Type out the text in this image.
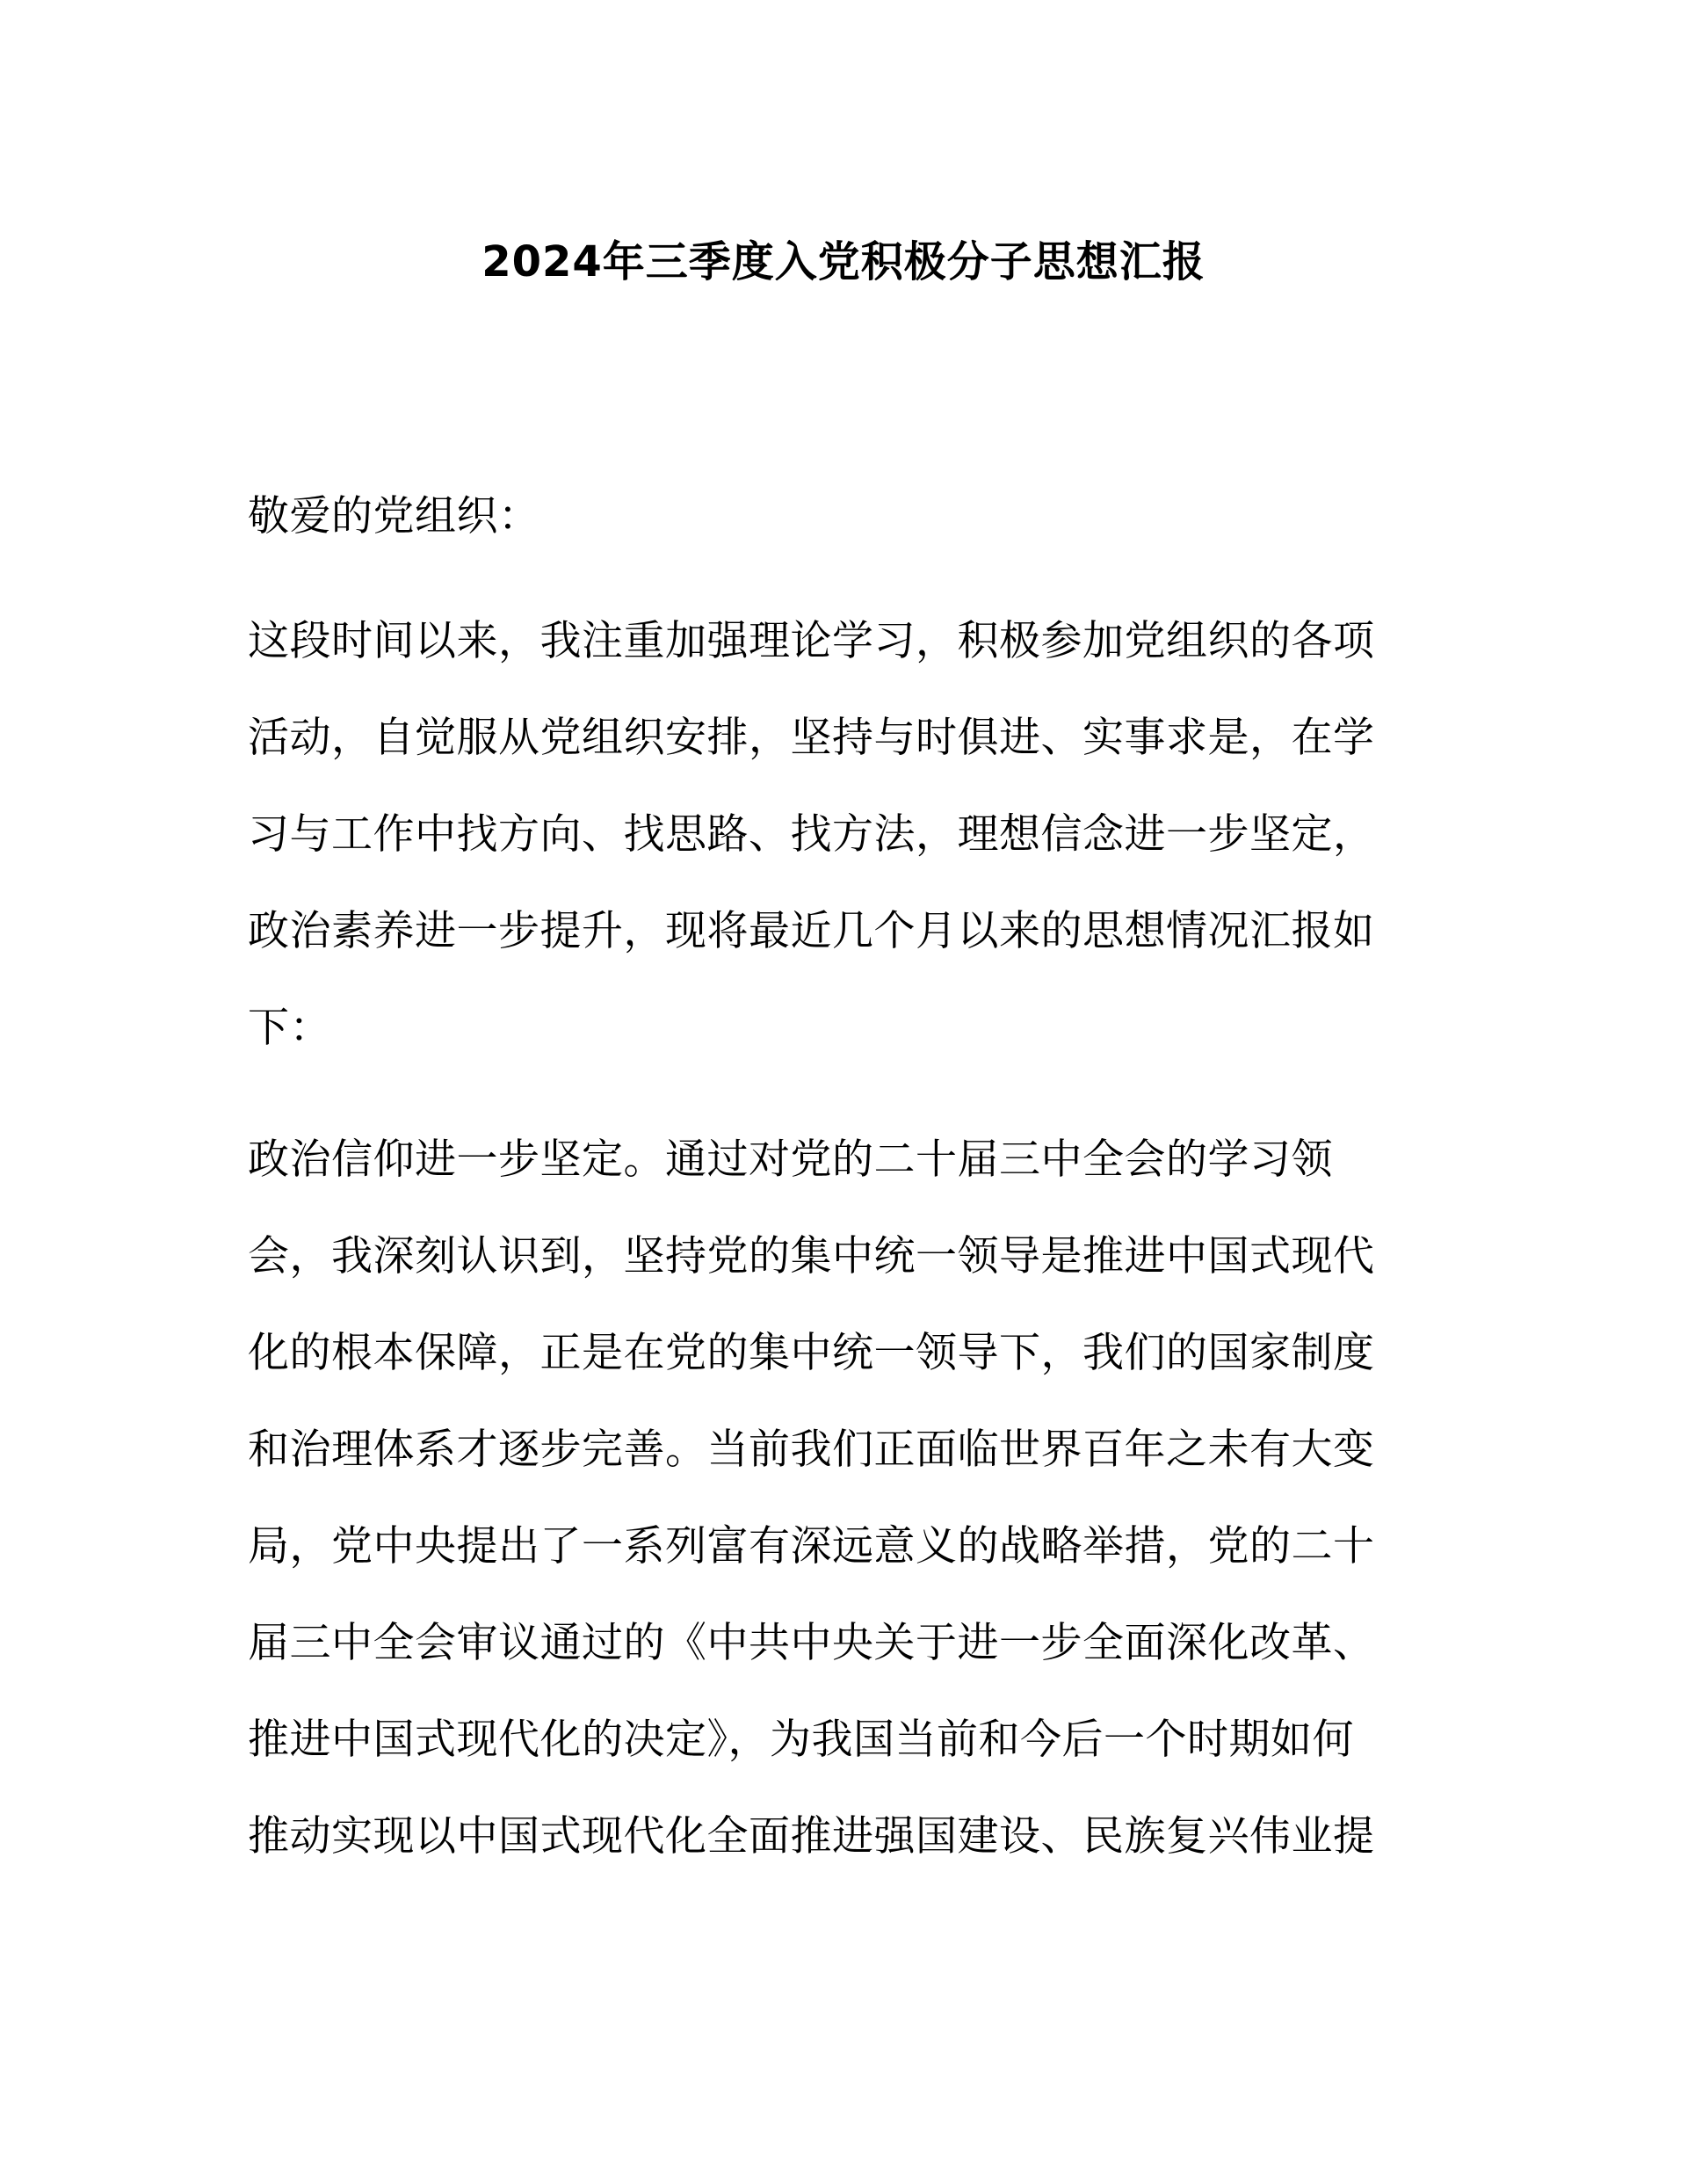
2024年三季度入党积极分子思想汇报

敬爱的党组织：

这段时间以来，我注重加强理论学习，积极参加党组织的各项

活动，自觉服从党组织安排，坚持与时俱进、实事求是，在学

习与工作中找方向、找思路、找方法，理想信念进一步坚定，

政治素养进一步提升，现将最近几个月以来的思想情况汇报如

下：

政治信仰进一步坚定。通过对党的二十届三中全会的学习领

会，我深刻认识到，坚持党的集中统一领导是推进中国式现代

化的根本保障，正是在党的集中统一领导下，我们的国家制度

和治理体系才逐步完善。当前我们正面临世界百年之未有大变

局，党中央提出了一系列富有深远意义的战略举措，党的二十

届三中全会审议通过的《中共中央关于进一步全面深化改革、

推进中国式现代化的决定》，为我国当前和今后一个时期如何

推动实现以中国式现代化全面推进强国建设、民族复兴伟业提
